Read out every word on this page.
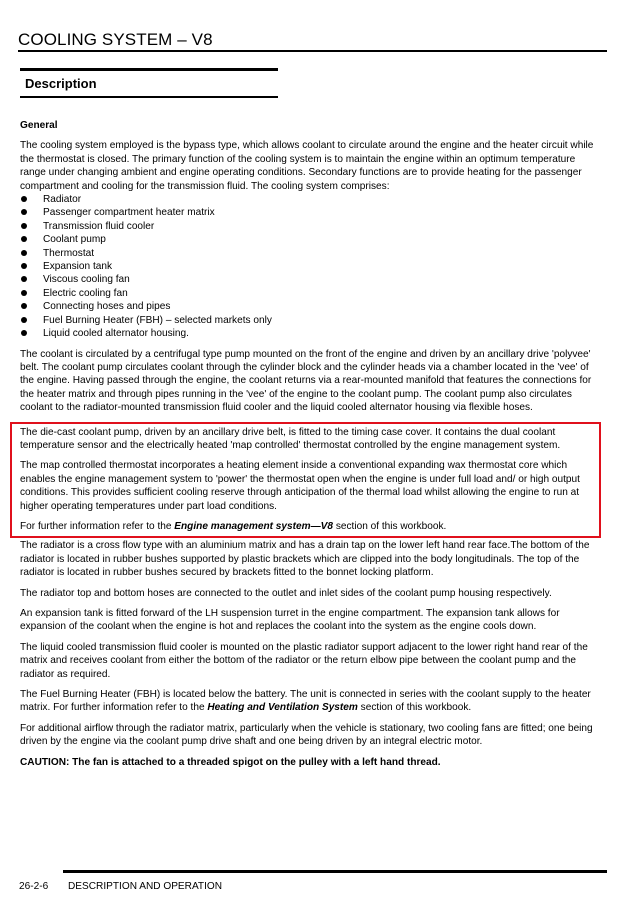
COOLING SYSTEM – V8
Description

General

The cooling system employed is the bypass type, which allows coolant to circulate around the engine and the heater circuit while the thermostat is closed. The primary function of the cooling system is to maintain the engine within an optimum temperature range under changing ambient and engine operating conditions. Secondary functions are to provide heating for the passenger compartment and cooling for the transmission fluid. The cooling system comprises:

Radiator
Passenger compartment heater matrix
Transmission fluid cooler
Coolant pump
Thermostat
Expansion tank
Viscous cooling fan
Electric cooling fan
Connecting hoses and pipes
Fuel Burning Heater (FBH) – selected markets only
Liquid cooled alternator housing.

The coolant is circulated by a centrifugal type pump mounted on the front of the engine and driven by an ancillary drive 'polyvee' belt. The coolant pump circulates coolant through the cylinder block and the cylinder heads via a chamber located in the 'vee' of the engine. Having passed through the engine, the coolant returns via a rear-mounted manifold that features the connections for the heater matrix and through pipes running in the 'vee' of the engine to the coolant pump. The coolant pump also circulates coolant to the radiator-mounted transmission fluid cooler and the liquid cooled alternator housing via flexible hoses.

The die-cast coolant pump, driven by an ancillary drive belt, is fitted to the timing case cover. It contains the dual coolant temperature sensor and the electrically heated 'map controlled' thermostat controlled by the engine management system.

The map controlled thermostat incorporates a heating element inside a conventional expanding wax thermostat core which enables the engine management system to 'power' the thermostat open when the engine is under full load and/ or high output conditions. This provides sufficient cooling reserve through anticipation of the thermal load whilst allowing the engine to run at higher operating temperatures under part load conditions.

For further information refer to the Engine management system—V8 section of this workbook.

The radiator is a cross flow type with an aluminium matrix and has a drain tap on the lower left hand rear face.The bottom of the radiator is located in rubber bushes supported by plastic brackets which are clipped into the body longitudinals. The top of the radiator is located in rubber bushes secured by brackets fitted to the bonnet locking platform.

The radiator top and bottom hoses are connected to the outlet and inlet sides of the coolant pump housing respectively.

An expansion tank is fitted forward of the LH suspension turret in the engine compartment. The expansion tank allows for expansion of the coolant when the engine is hot and replaces the coolant into the system as the engine cools down.

The liquid cooled transmission fluid cooler is mounted on the plastic radiator support adjacent to the lower right hand rear of the matrix and receives coolant from either the bottom of the radiator or the return elbow pipe between the coolant pump and the radiator as required.

The Fuel Burning Heater (FBH) is located below the battery. The unit is connected in series with the coolant supply to the heater matrix. For further information refer to the Heating and Ventilation System section of this workbook.

For additional airflow through the radiator matrix, particularly when the vehicle is stationary, two cooling fans are fitted; one being driven by the engine via the coolant pump drive shaft and one being driven by an integral electric motor.

CAUTION: The fan is attached to a threaded spigot on the pulley with a left hand thread.

26-2-6 DESCRIPTION AND OPERATION
